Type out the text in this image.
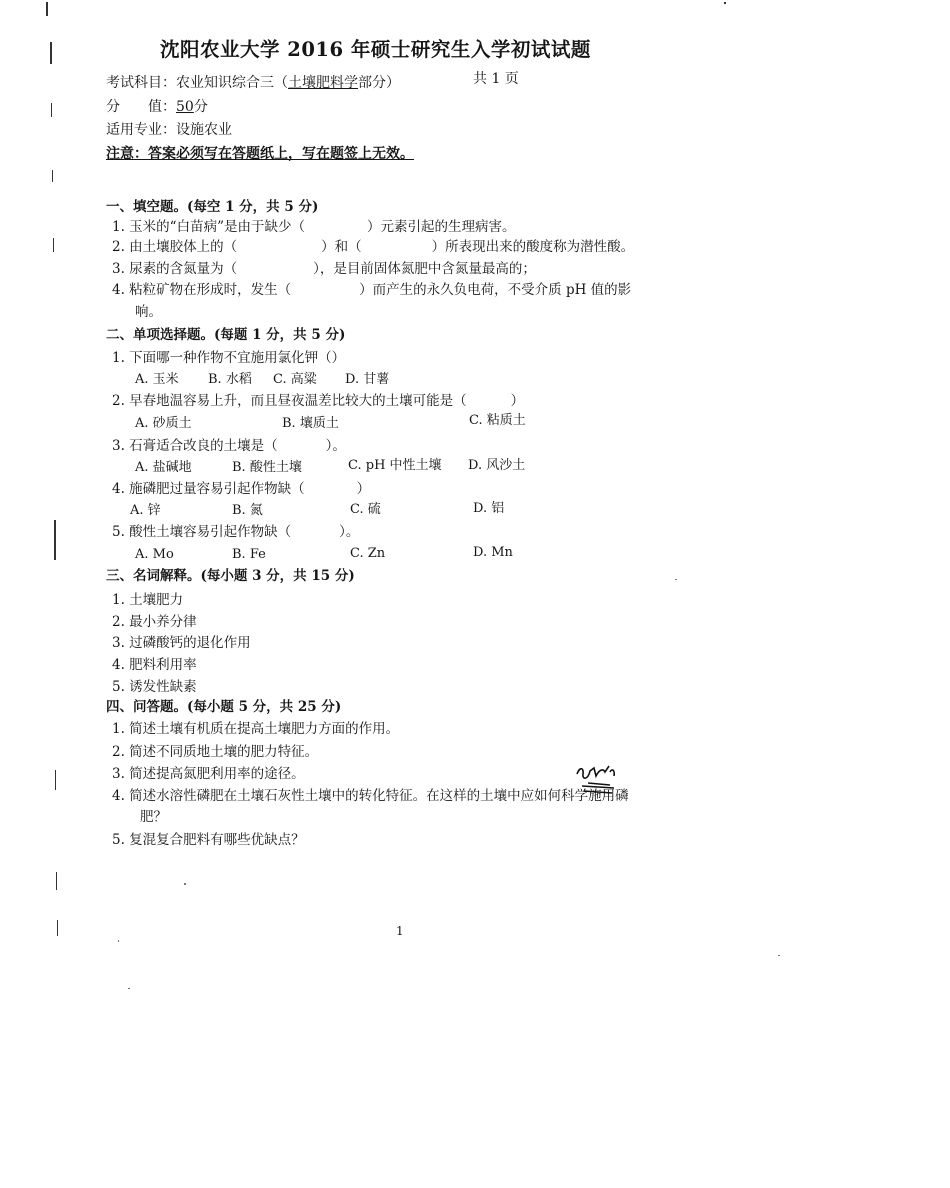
沈阳农业大学 2016 年硕士研究生入学初试试题
考试科目：农业知识综合三（土壤肥料学部分）	共 1 页
分　　值：50分
适用专业：设施农业
注意：答案必须写在答题纸上，写在题签上无效。
一、填空题。(每空 1 分，共 5 分)
1. 玉米的“白苗病”是由于缺少（	）元素引起的生理病害。
2. 由土壤胶体上的（	）和（	）所表现出来的酸度称为潜性酸。
3. 尿素的含氮量为（	），是目前固体氮肥中含氮量最高的；
4. 粘粒矿物在形成时，发生（	）而产生的永久负电荷，不受介质 pH 值的影
响。
二、单项选择题。(每题 1 分，共 5 分)
1. 下面哪一种作物不宜施用氯化钾（）
A. 玉米 B. 水稻 C. 高粱 D. 甘薯
2. 早春地温容易上升，而且昼夜温差比较大的土壤可能是（	）
A. 砂质土	B. 壤质土	C. 粘质土
3. 石膏适合改良的土壤是（	）。
A. 盐碱地	B. 酸性土壤	C. pH 中性土壤 D. 风沙土
4. 施磷肥过量容易引起作物缺（	）
A. 锌	B. 氮	C. 硫	D. 铝
5. 酸性土壤容易引起作物缺（	）。
A. Mo	B. Fe	C. Zn	D. Mn
三、名词解释。(每小题 3 分，共 15 分)
1. 土壤肥力
2. 最小养分律
3. 过磷酸钙的退化作用
4. 肥料利用率
5. 诱发性缺素
四、问答题。(每小题 5 分，共 25 分)
1. 简述土壤有机质在提高土壤肥力方面的作用。
2. 简述不同质地土壤的肥力特征。
3. 简述提高氮肥利用率的途径。
4. 简述水溶性磷肥在土壤石灰性土壤中的转化特征。在这样的土壤中应如何科学施用磷
肥？
5. 复混复合肥料有哪些优缺点？
1
